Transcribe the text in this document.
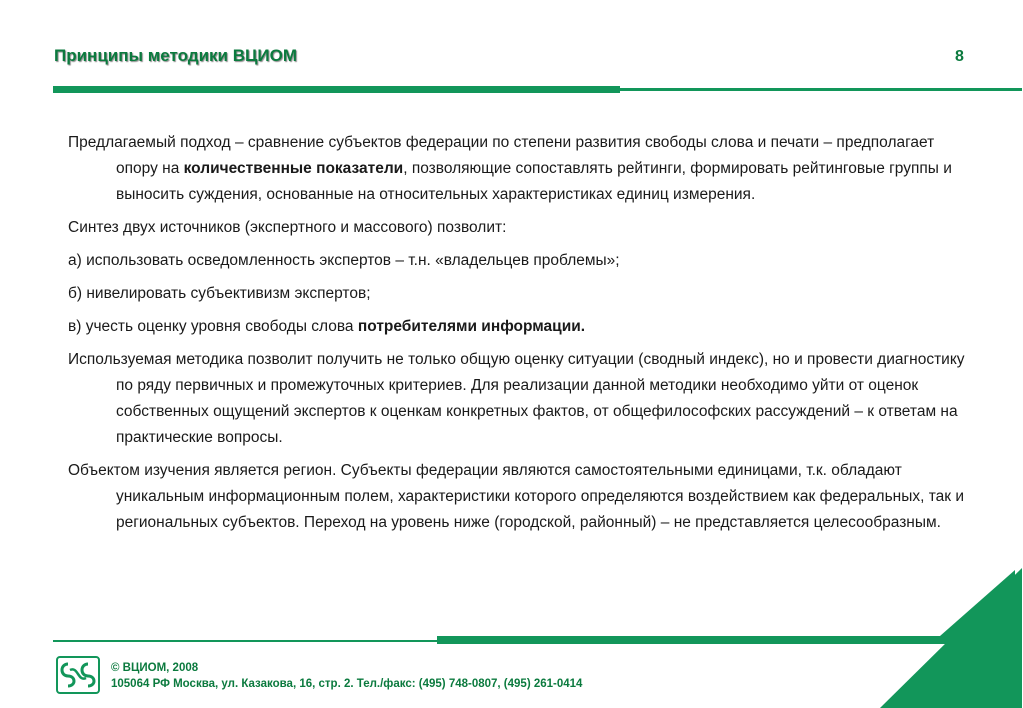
Принципы методики ВЦИОМ	8

Предлагаемый подход – сравнение субъектов федерации по степени развития свободы слова и печати – предполагает опору на количественные показатели, позволяющие сопоставлять рейтинги, формировать рейтинговые группы и выносить суждения, основанные на относительных характеристиках единиц измерения.

Синтез двух источников (экспертного и массового) позволит:

а) использовать осведомленность экспертов – т.н. «владельцев проблемы»;

б) нивелировать субъективизм экспертов;

в) учесть оценку уровня свободы слова потребителями информации.

Используемая методика позволит получить не только общую оценку ситуации (сводный индекс), но и провести диагностику по ряду первичных и промежуточных критериев. Для реализации данной методики необходимо уйти от оценок собственных ощущений экспертов к оценкам конкретных фактов, от общефилософских рассуждений – к ответам на практические вопросы.

Объектом изучения является регион. Субъекты федерации являются самостоятельными единицами, т.к. обладают уникальным информационным полем, характеристики которого определяются воздействием как федеральных, так и региональных субъектов. Переход на уровень ниже (городской, районный) – не представляется целесообразным.

© ВЦИОМ, 2008
105064 РФ Москва, ул. Казакова, 16, стр. 2. Тел./факс: (495) 748-0807, (495) 261-0414
